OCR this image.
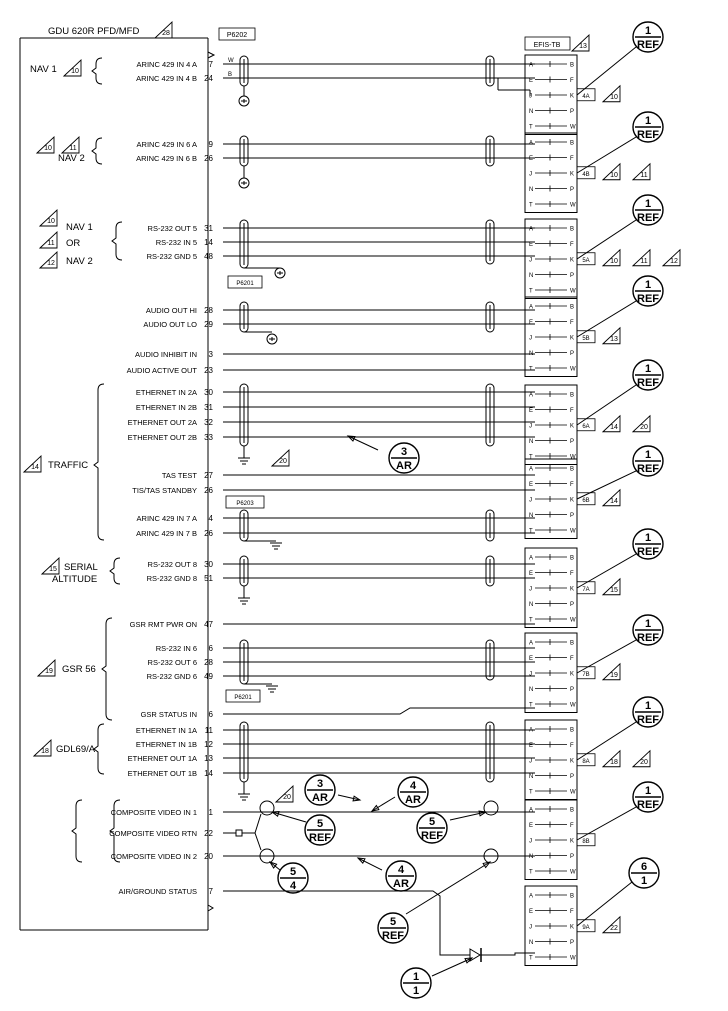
GDU 620R PFD/MFD	28	P6202
EFIS-TB	13
A	B
E	F
J	K
N	P
T	W
4A	10
A	B
E	F
J	K
N	P
T	W
4B	10	11
A	B
E	F
J	K
N	P
T	W
5A	10	11	12
A	B
E	F
J	K
N	P
T	W
5B	13
A	B
E	F
J	K
N	P
T	W
6A	14	20
A	B
E	F
J	K
N	P
T	W
6B	14
A	B
E	F
J	K
N	P
T	W
7A	15
A	B
E	F
J	K
N	P
T	W
7B	19
A	B
E	F
J	K
N	P
T	W
8A	18	20
A	B
E	F
J	K
N	P
T	W
8B
A	B
E	F
J	K
N	P
T	W
9A	22
ARINC 429 IN 4 A 7
ARINC 429 IN 4 B 24
W
B
NAV 1 10
ARINC 429 IN 6 A 9
ARINC 429 IN 6 B 26
NAV 2
10 11
RS-232 OUT 5 31
RS-232 IN 5 14
RS-232 GND 5 48
P6201
10
NAV 1
11 OR
12 NAV 2
AUDIO OUT HI 28
AUDIO OUT LO 29
AUDIO INHIBIT IN 3
AUDIO ACTIVE OUT 23
ETHERNET IN 2A 30
ETHERNET IN 2B 31
ETHERNET OUT 2A 32
ETHERNET OUT 2B 33
20
3
AR
TAS TEST 27
TIS/TAS STANDBY 26
P6203
ARINC 429 IN 7 A 4
ARINC 429 IN 7 B 26
14 TRAFFIC
RS-232 OUT 8 30
RS-232 GND 8 51
15 SERIAL
ALTITUDE
GSR RMT PWR ON 47
RS-232 IN 6 6
RS-232 OUT 6 28
RS-232 GND 6 49
P6201
6
GSR STATUS IN
19 GSR 56
ETHERNET IN 1A 11
ETHERNET IN 1B 12
ETHERNET OUT 1A 13
ETHERNET OUT 1B 14
20
3
AR
18 GDL69/A
COMPOSITE VIDEO IN 1 1
COMPOSITE VIDEO RTN 22
COMPOSITE VIDEO IN 2 20
5
REF
5
4
4
AR
4
AR
5
REF
7
AIR/GROUND STATUS
5
REF
1
1
6
1
1
REF
1
REF
1
REF
1
REF
1
REF
1
REF
1
REF
1
REF
1
REF
1
REF
